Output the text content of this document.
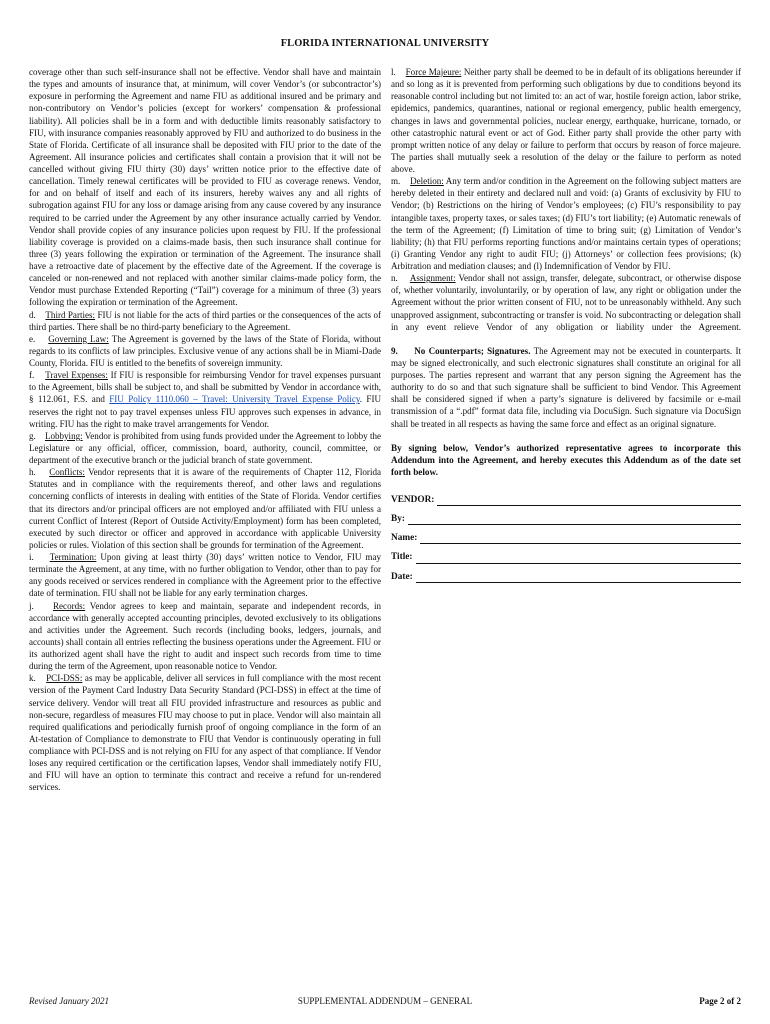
FLORIDA INTERNATIONAL UNIVERSITY

coverage other than such self-insurance shall not be effective. Vendor shall have and maintain the types and amounts of insurance that, at minimum, will cover Vendor’s (or subcontractor’s) exposure in performing the Agreement and name FIU as additional insured and be primary and non-contributory on Vendor’s policies (except for workers’ compensation & professional liability). All policies shall be in a form and with deductible limits reasonably satisfactory to FIU, with insurance companies reasonably approved by FIU and authorized to do business in the State of Florida. Certificate of all insurance shall be deposited with FIU prior to the date of the Agreement. All insurance policies and certificates shall contain a provision that it will not be cancelled without giving FIU thirty (30) days’ written notice prior to the effective date of cancellation. Timely renewal certificates will be provided to FIU as coverage renews. Vendor, for and on behalf of itself and each of its insurers, hereby waives any and all rights of subrogation against FIU for any loss or damage arising from any cause covered by any insurance required to be carried under the Agreement by any other insurance actually carried by Vendor. Vendor shall provide copies of any insurance policies upon request by FIU. If the professional liability coverage is provided on a claims-made basis, then such insurance shall continue for three (3) years following the expiration or termination of the Agreement. The insurance shall have a retroactive date of placement by the effective date of the Agreement. If the coverage is canceled or non-renewed and not replaced with another similar claims-made policy form, the Vendor must purchase Extended Reporting (“Tail”) coverage for a minimum of three (3) years following the expiration or termination of the Agreement.

d. Third Parties: FIU is not liable for the acts of third parties or the consequences of the acts of third parties. There shall be no third-party beneficiary to the Agreement.

e. Governing Law: The Agreement is governed by the laws of the State of Florida, without regards to its conflicts of law principles. Exclusive venue of any actions shall be in Miami-Dade County, Florida. FIU is entitled to the benefits of sovereign immunity.

f. Travel Expenses: If FIU is responsible for reimbursing Vendor for travel expenses pursuant to the Agreement, bills shall be subject to, and shall be submitted by Vendor in accordance with, § 112.061, F.S. and FIU Policy 1110.060 – Travel: University Travel Expense Policy. FIU reserves the right not to pay travel expenses unless FIU approves such expenses in advance, in writing. FIU has the right to make travel arrangements for Vendor.

g. Lobbying: Vendor is prohibited from using funds provided under the Agreement to lobby the Legislature or any official, officer, commission, board, authority, council, committee, or department of the executive branch or the judicial branch of state government.

h. Conflicts: Vendor represents that it is aware of the requirements of Chapter 112, Florida Statutes and in compliance with the requirements thereof, and other laws and regulations concerning conflicts of interests in dealing with entities of the State of Florida. Vendor certifies that its directors and/or principal officers are not employed and/or affiliated with FIU unless a current Conflict of Interest (Report of Outside Activity/Employment) form has been completed, executed by such director or officer and approved in accordance with applicable University policies or rules. Violation of this section shall be grounds for termination of the Agreement.

i. Termination: Upon giving at least thirty (30) days’ written notice to Vendor, FIU may terminate the Agreement, at any time, with no further obligation to Vendor, other than to pay for any goods received or services rendered in compliance with the Agreement prior to the effective date of termination. FIU shall not be liable for any early termination charges.

j. Records: Vendor agrees to keep and maintain, separate and independent records, in accordance with generally accepted accounting principles, devoted exclusively to its obligations and activities under the Agreement. Such records (including books, ledgers, journals, and accounts) shall contain all entries reflecting the business operations under the Agreement. FIU or its authorized agent shall have the right to audit and inspect such records from time to time during the term of the Agreement, upon reasonable notice to Vendor.

k. PCI-DSS: as may be applicable, deliver all services in full compliance with the most recent version of the Payment Card Industry Data Security Standard (PCI-DSS) in effect at the time of service delivery. Vendor will treat all FIU provided infrastructure and resources as public and non-secure, regardless of measures FIU may choose to put in place. Vendor will also maintain all required qualifications and periodically furnish proof of ongoing compliance in the form of an At-testation of Compliance to demonstrate to FIU that Vendor is continuously operating in full compliance with PCI-DSS and is not relying on FIU for any aspect of that compliance. If Vendor loses any required certification or the certification lapses, Vendor shall immediately notify FIU, and FIU will have an option to terminate this contract and receive a refund for un-rendered services.

l. Force Majeure: Neither party shall be deemed to be in default of its obligations hereunder if and so long as it is prevented from performing such obligations by due to conditions beyond its reasonable control including but not limited to: an act of war, hostile foreign action, labor strike, epidemics, pandemics, quarantines, national or regional emergency, public health emergency, changes in laws and governmental policies, nuclear energy, earthquake, hurricane, tornado, or other catastrophic natural event or act of God. Either party shall provide the other party with prompt written notice of any delay or failure to perform that occurs by reason of force majeure. The parties shall mutually seek a resolution of the delay or the failure to perform as noted above.

m. Deletion: Any term and/or condition in the Agreement on the following subject matters are hereby deleted in their entirety and declared null and void: (a) Grants of exclusivity by FIU to Vendor; (b) Restrictions on the hiring of Vendor’s employees; (c) FIU’s responsibility to pay intangible taxes, property taxes, or sales taxes; (d) FIU’s tort liability; (e) Automatic renewals of the term of the Agreement; (f) Limitation of time to bring suit; (g) Limitation of Vendor’s liability; (h) that FIU performs reporting functions and/or maintains certain types of operations; (i) Granting Vendor any right to audit FIU; (j) Attorneys’ or collection fees provisions; (k) Arbitration and mediation clauses; and (l) Indemnification of Vendor by FIU.

n. Assignment: Vendor shall not assign, transfer, delegate, subcontract, or otherwise dispose of, whether voluntarily, involuntarily, or by operation of law, any right or obligation under the Agreement without the prior written consent of FIU, not to be unreasonably withheld. Any such unapproved assignment, subcontracting or transfer is void. No subcontracting or delegation shall in any event relieve Vendor of any obligation or liability under the Agreement.

9. No Counterparts; Signatures. The Agreement may not be executed in counterparts. It may be signed electronically, and such electronic signatures shall constitute an original for all purposes. The parties represent and warrant that any person signing the Agreement has the authority to do so and that such signature shall be sufficient to bind Vendor. This Agreement shall be considered signed if when a party’s signature is delivered by facsimile or e-mail transmission of a “.pdf” format data file, including via DocuSign. Such signature via DocuSign shall be treated in all respects as having the same force and effect as an original signature.

By signing below, Vendor’s authorized representative agrees to incorporate this Addendum into the Agreement, and hereby executes this Addendum as of the date set forth below.

VENDOR:
By:
Name:
Title:
Date:
Revised January 2021	SUPPLEMENTAL ADDENDUM – GENERAL	Page 2 of 2
